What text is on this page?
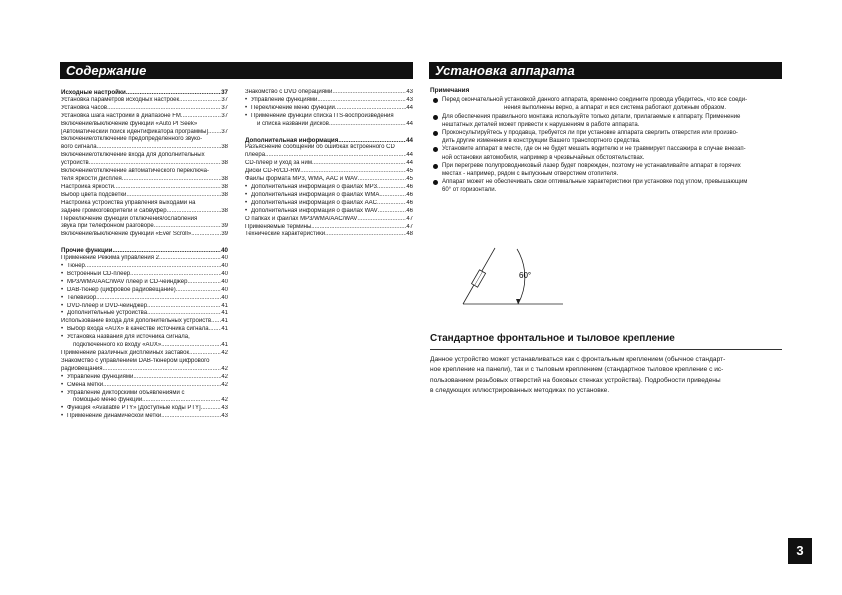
Содержание	Установка аппарата
Исходные настройки .....	37
Установка параметров исходных настроек .....	37
Установка часов .....	37
Установка шага настройки в диапазоне FM .....	37
Включение/выключение функции «Auto PI Seek»
[Автоматический поиск идентификатора программы] ..... 37
Включение/отключение предопределенного звуко-
вого сигнала .....	38
Включение/отключение входа для дополнительных
устройств .....	38
Включение/отключение автоматического переключа-
теля яркости дисплея .....	38
Настройка яркости .....	38
Выбор цвета подсветки .....	38
Настройка устройства управления выходами на
задние громкоговорители и сабвуфер .....	38
Переключение функций отключения/ослабления
звука при телефонном разговоре .....	39
Включение/выключение функции «Ever Scroll» .....	39
Прочие функции .....	40
Применение Режима управления 2 .....	40
• Тюнер .....	40
• Встроенный CD-плеер .....	40
• MP3/WMA/AAC/WAV плеер и CD-чейнджер .....	40
• DAB-тюнер (цифровое радиовещание) .....	40
• Телевизор .....	40
• DVD-плеер и DVD-чейнджер .....	41
• Дополнительные устройства .....	41
Использование входа для дополнительных устройств ..... 41
• Выбор входа «AUX» в качестве источника сигнала ..... 41
• Установка названия для источника сигнала,
подключенного ко входу «AUX» .....	41
Применение различных дисплейных заставок .....	42
Знакомство с управлением DAB-тюнером цифрового
радиовещания .....	42
• Управление функциями .....	42
• Смена метки .....	42
• Управление дикторскими объявлениями с
помощью меню функций .....	42
• Функция «Available PTY» [Доступные коды PTY] .....	43
• Применение динамической метки .....	43
Знакомство с DVD операциями .....	43
• Управление функциями .....	43
• Переключение меню функций .....	44
• Применение функций списка ITS-воспроизведения
и списка названий дисков .....	44
Дополнительная информация .....	44
Разъяснение сообщений об ошибках встроенного CD
плеера .....	44
CD-плеер и уход за ним .....	44
Диски CD-R/CD-RW .....	45
Файлы формата MP3, WMA, AAC и WAV .....	45
• Дополнительная информация о файлах MP3 .....	46
• Дополнительная информация о файлах WMA .....	46
• Дополнительная информация о файлах AAC .....	46
• Дополнительная информация о файлах WAV .....	46
О папках и файлах MP3/WMA/AAC/WAV .....	47
Применяемые термины .....	47
Технические характеристики .....	48
Примечания
Перед окончательной установкой данного аппарата, временно соедините провода убедитесь, что все соеди-
нения выполнены верно, а аппарат и вся система работают должным образом.
Для обеспечения правильного монтажа используйте только детали, прилагаемые к аппарату. Применение
нештатных деталей может привести к нарушениям в работе аппарата.
Проконсультируйтесь у продавца, требуется ли при установке аппарата сверлить отверстия или произво-
дить другие изменения в конструкции Вашего транспортного средства.
Установите аппарат в месте, где он не будет мешать водителю и не травмирует пассажира в случае внезап-
ной остановки автомобиля, например в чрезвычайных обстоятельствах.
При перегреве полупроводниковый лазер будет поврежден, поэтому не устанавливайте аппарат в горячих
местах - например, рядом с выпускным отверстием отопителя.
Аппарат может не обеспечивать свои оптимальные характеристики при установке под углом, превышающим
60° от горизонтали.
60°
Стандартное фронтальное и тыловое крепление
Данное устройство может устанавливаться как с фронтальным креплением (обычное стандарт-
ное крепление на панели), так и с тыловым креплением (стандартное тыловое крепление с ис-
пользованием резьбовых отверстий на боковых стенках устройства). Подробности приведены
в следующих иллюстрированных методиках по установке.
3
